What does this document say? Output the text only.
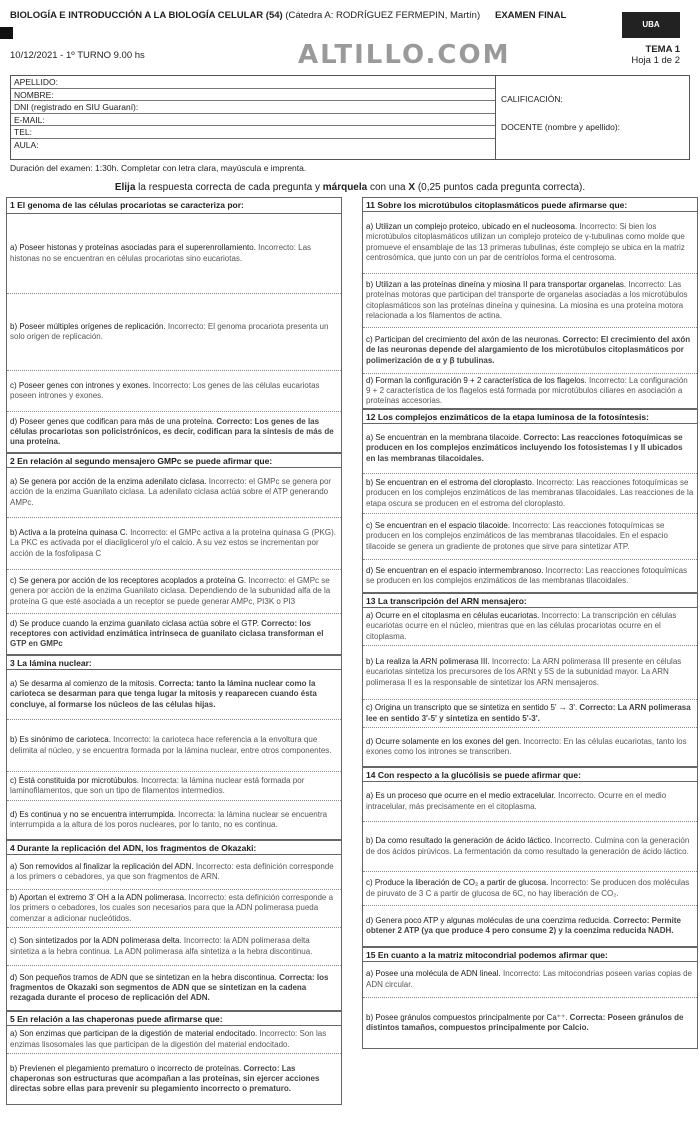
BIOLOGÍA E INTRODUCCIÓN A LA BIOLOGÍA CELULAR (54) (Cátedra A: RODRÍGUEZ FERMEPIN, Martín) EXAMEN FINAL
10/12/2021 - 1º TURNO 9.00 hs	ALTILLO.COM
UBA
TEMA 1
Hoja 1 de 2
APELLIDO:
NOMBRE:
DNI (registrado en SIU Guaraní):
E-MAIL:
TEL:
AULA:
CALIFICACIÓN:
DOCENTE (nombre y apellido):
Duración del examen: 1:30h. Completar con letra clara, mayúscula e imprenta.
Elija la respuesta correcta de cada pregunta y márquela con una X (0,25 puntos cada pregunta correcta).
1 El genoma de las células procariotas se caracteriza por:
a) Poseer histonas y proteínas asociadas para el superenrollamiento. Incorrecto: Las histonas no se encuentran en células procariotas sino eucariotas.
b) Poseer múltiples orígenes de replicación. Incorrecto: El genoma procariota presenta un solo origen de replicación.
c) Poseer genes con intrones y exones. Incorrecto: Los genes de las células eucariotas poseen intrones y exones.
d) Poseer genes que codifican para más de una proteína. Correcto: Los genes de las células procariotas son policistrónicos, es decir, codifican para la síntesis de más de una proteína.
2 En relación al segundo mensajero GMPc se puede afirmar que:
a) Se genera por acción de la enzima adenilato ciclasa. Incorrecto: el GMPc se genera por acción de la enzima Guanilato ciclasa. La adenilato ciclasa actúa sobre el ATP generando AMPc.
b) Activa a la proteína quinasa C. Incorrecto: el GMPc activa a la proteína quinasa G (PKG). La PKC es activada por el diacilglicerol y/o el calcio. A su vez estos se incrementan por acción de la fosfolipasa C
c) Se genera por acción de los receptores acoplados a proteína G. Incorrecto: el GMPc se genera por acción de la enzima Guanilato ciclasa. Dependiendo de la subunidad alfa de la proteína G que esté asociada a un receptor se puede generar AMPc, PI3K o PI3
d) Se produce cuando la enzima guanilato ciclasa actúa sobre el GTP. Correcto: los receptores con actividad enzimática intrínseca de guanilato ciclasa transforman el GTP en GMPc
3 La lámina nuclear:
a) Se desarma al comienzo de la mitosis. Correcta: tanto la lámina nuclear como la carioteca se desarman para que tenga lugar la mitosis y reaparecen cuando ésta concluye, al formarse los núcleos de las células hijas.
b) Es sinónimo de carioteca. Incorrecto: la carioteca hace referencia a la envoltura que delimita al núcleo, y se encuentra formada por la lámina nuclear, entre otros componentes.
c) Está constituida por microtúbulos. Incorrecta: la lámina nuclear está formada por laminofilamentos, que son un tipo de filamentos intermedios.
d) Es continua y no se encuentra interrumpida. Incorrecta: la lámina nuclear se encuentra interrumpida a la altura de los poros nucleares, por lo tanto, no es continua.
4 Durante la replicación del ADN, los fragmentos de Okazaki:
a) Son removidos al finalizar la replicación del ADN. Incorrecto: esta definición corresponde a los primers o cebadores, ya que son fragmentos de ARN.
b) Aportan el extremo 3' OH a la ADN polimerasa. Incorrecto: esta definición corresponde a los primers o cebadores, los cuales son necesarios para que la ADN polimerasa pueda comenzar a adicionar nucleótidos.
c) Son sintetizados por la ADN polimerasa delta. Incorrecto: la ADN polimerasa delta sintetiza a la hebra continua. La ADN polimerasa alfa sintetiza a la hebra discontinua.
d) Son pequeños tramos de ADN que se sintetizan en la hebra discontinua. Correcta: los fragmentos de Okazaki son segmentos de ADN que se sintetizan en la cadena rezagada durante el proceso de replicación del ADN.
5 En relación a las chaperonas puede afirmarse que:
a) Son enzimas que participan de la digestión de material endocitado. Incorrecto: Son las enzimas lisosomales las que participan de la digestión del material endocitado.
b) Previenen el plegamiento prematuro o incorrecto de proteínas. Correcto: Las chaperonas son estructuras que acompañan a las proteínas, sin ejercer acciones directas sobre ellas para prevenir su plegamiento incorrecto o prematuro.
11 Sobre los microtúbulos citoplasmáticos puede afirmarse que:
a) Utilizan un complejo proteico, ubicado en el nucleosoma. Incorrecto: Si bien los microtúbulos citoplasmáticos utilizan un complejo proteico de γ-tubulinas como molde que promueve el ensamblaje de las 13 primeras tubulinas, éste complejo se ubica en la matriz centrosómica, que junto con un par de centríolos forma el centrosoma.
b) Utilizan a las proteínas dineína y miosina II para transportar organelas. Incorrecto: Las proteínas motoras que participan del transporte de organelas asociadas a los microtúbulos citoplasmáticos son las proteínas dineína y quinesina. La miosina es una proteína motora relacionada a los filamentos de actina.
c) Participan del crecimiento del axón de las neuronas. Correcto: El crecimiento del axón de las neuronas depende del alargamiento de los microtúbulos citoplasmáticos por polimerización de α y β tubulinas.
d) Forman la configuración 9 + 2 característica de los flagelos. Incorrecto: La configuración 9 + 2 característica de los flagelos está formada por microtúbulos ciliares en asociación a proteínas accesorias.
12 Los complejos enzimáticos de la etapa luminosa de la fotosíntesis:
a) Se encuentran en la membrana tilacoide. Correcto: Las reacciones fotoquímicas se producen en los complejos enzimáticos incluyendo los fotosistemas I y II ubicados en las membranas tilacoidales.
b) Se encuentran en el estroma del cloroplasto. Incorrecto: Las reacciones fotoquímicas se producen en los complejos enzimáticos de las membranas tilacoidales. Las reacciones de la etapa oscura se producen en el estroma del cloroplasto.
c) Se encuentran en el espacio tilacoide. Incorrecto: Las reacciones fotoquímicas se producen en los complejos enzimáticos de las membranas tilacoidales. En el espacio tilacoide se genera un gradiente de protones que sirve para sintetizar ATP.
d) Se encuentran en el espacio intermembranoso. Incorrecto: Las reacciones fotoquímicas se producen en los complejos enzimáticos de las membranas tilacoidales.
13 La transcripción del ARN mensajero:
a) Ocurre en el citoplasma en células eucariotas. Incorrecto: La transcripción en células eucariotas ocurre en el núcleo, mientras que en las células procariotas ocurre en el citoplasma.
b) La realiza la ARN polimerasa III. Incorrecto: La ARN polimerasa III presente en células eucariotas sintetiza los precursores de los ARNt y 5S de la subunidad mayor. La ARN polimerasa II es la responsable de sintetizar los ARN mensajeros.
c) Origina un transcripto que se sintetiza en sentido 5' → 3'. Correcto: La ARN polimerasa lee en sentido 3'-5' y sintetiza en sentido 5'-3'.
d) Ocurre solamente en los exones del gen. Incorrecto: En las células eucariotas, tanto los exones como los intrones se transcriben.
14 Con respecto a la glucólisis se puede afirmar que:
a) Es un proceso que ocurre en el medio extracelular. Incorrecto. Ocurre en el medio intracelular, más precisamente en el citoplasma.
b) Da como resultado la generación de ácido láctico. Incorrecto. Culmina con la generación de dos ácidos pirúvicos. La fermentación da como resultado la generación de ácido láctico.
c) Produce la liberación de CO₂ a partir de glucosa. Incorrecto: Se producen dos moléculas de piruvato de 3 C a partir de glucosa de 6C, no hay liberación de CO₂.
d) Genera poco ATP y algunas moléculas de una coenzima reducida. Correcto: Permite obtener 2 ATP (ya que produce 4 pero consume 2) y la coenzima reducida NADH.
15 En cuanto a la matriz mitocondrial podemos afirmar que:
a) Posee una molécula de ADN lineal. Incorrecto: Las mitocondrias poseen varias copias de ADN circular.
b) Posee gránulos compuestos principalmente por Ca⁺⁺. Correcta: Poseen gránulos de distintos tamaños, compuestos principalmente por Calcio.
